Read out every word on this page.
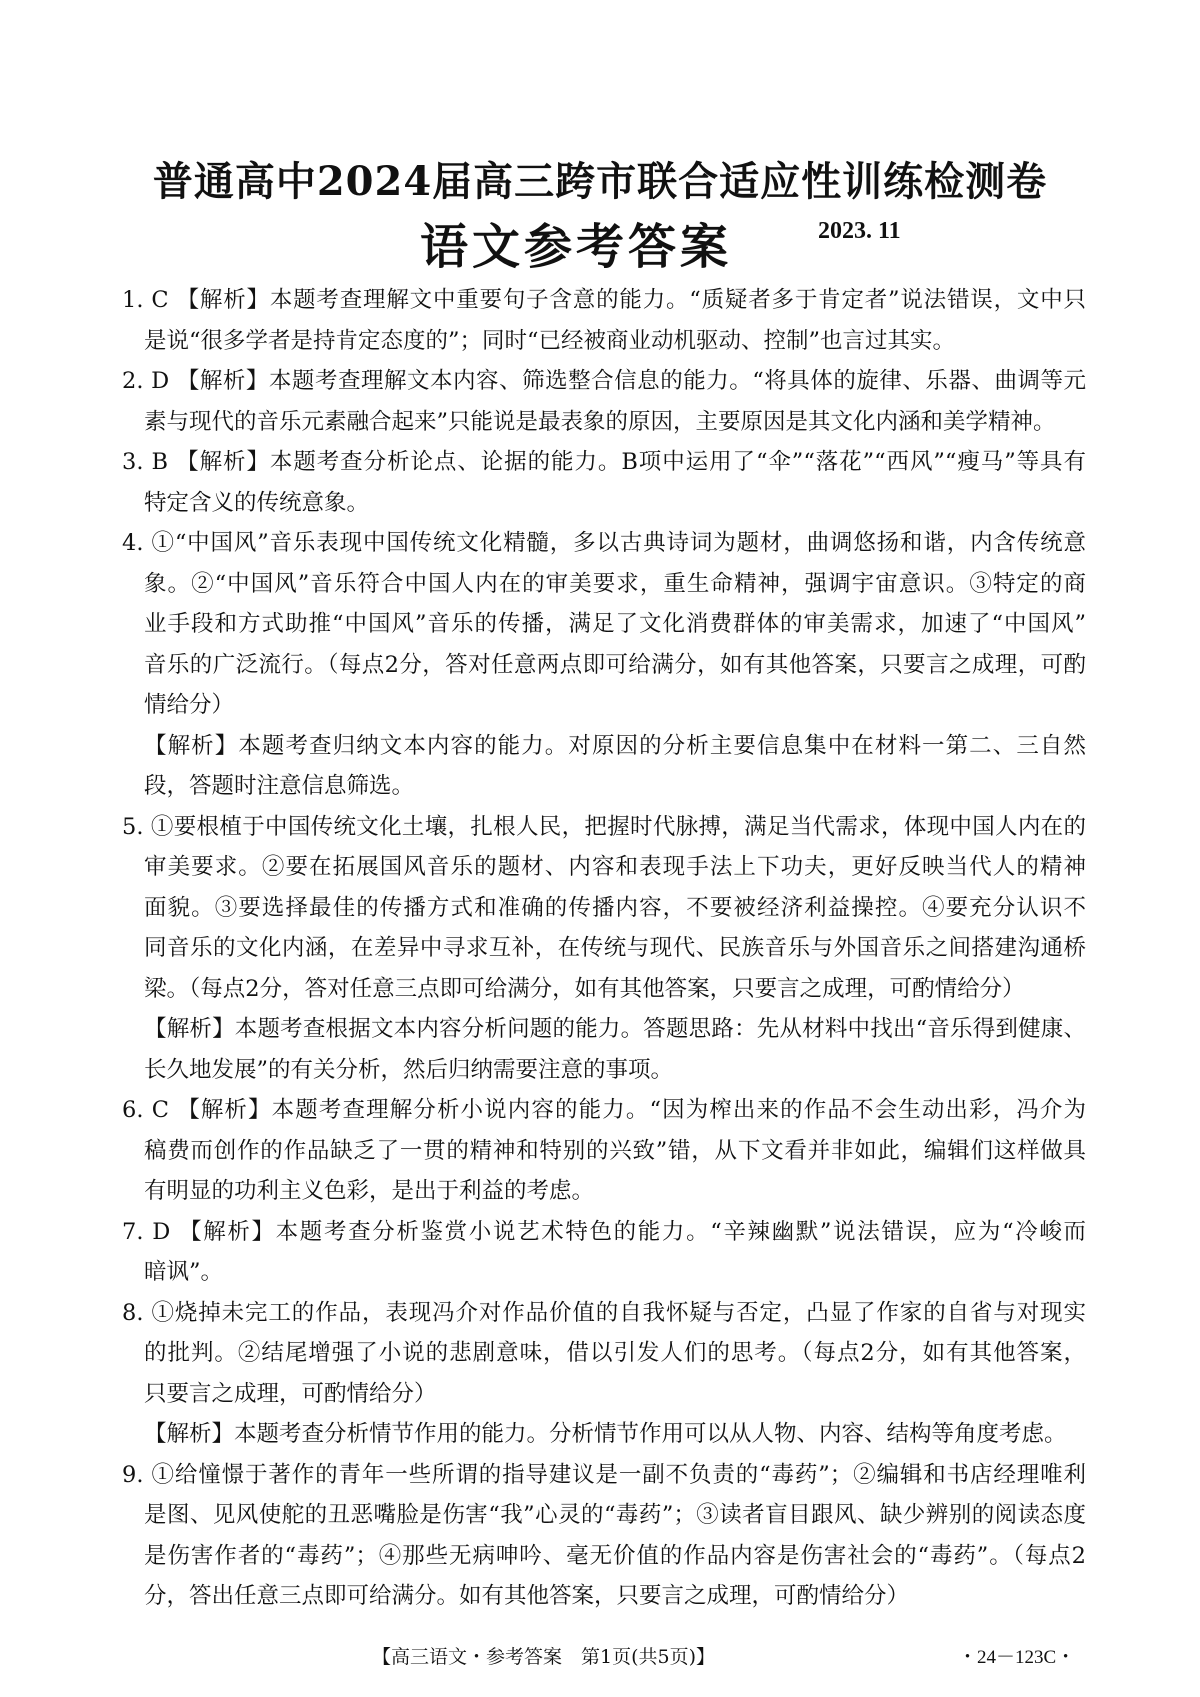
普通高中2024届高三跨市联合适应性训练检测卷
语文参考答案	2023. 11
1. C 【解析】本题考查理解文中重要句子含意的能力。“质疑者多于肯定者”说法错误，文中只
是说“很多学者是持肯定态度的”；同时“已经被商业动机驱动、控制”也言过其实。
2. D 【解析】本题考查理解文本内容、筛选整合信息的能力。“将具体的旋律、乐器、曲调等元
素与现代的音乐元素融合起来”只能说是最表象的原因，主要原因是其文化内涵和美学精神。
3. B 【解析】本题考查分析论点、论据的能力。B项中运用了“伞”“落花”“西风”“瘦马”等具有
特定含义的传统意象。
4. ①“中国风”音乐表现中国传统文化精髓，多以古典诗词为题材，曲调悠扬和谐，内含传统意
象。②“中国风”音乐符合中国人内在的审美要求，重生命精神，强调宇宙意识。③特定的商
业手段和方式助推“中国风”音乐的传播，满足了文化消费群体的审美需求，加速了“中国风”
音乐的广泛流行。（每点2分，答对任意两点即可给满分，如有其他答案，只要言之成理，可酌
情给分）
【解析】本题考查归纳文本内容的能力。对原因的分析主要信息集中在材料一第二、三自然
段，答题时注意信息筛选。
5. ①要根植于中国传统文化土壤，扎根人民，把握时代脉搏，满足当代需求，体现中国人内在的
审美要求。②要在拓展国风音乐的题材、内容和表现手法上下功夫，更好反映当代人的精神
面貌。③要选择最佳的传播方式和准确的传播内容，不要被经济利益操控。④要充分认识不
同音乐的文化内涵，在差异中寻求互补，在传统与现代、民族音乐与外国音乐之间搭建沟通桥
梁。（每点2分，答对任意三点即可给满分，如有其他答案，只要言之成理，可酌情给分）
【解析】本题考查根据文本内容分析问题的能力。答题思路：先从材料中找出“音乐得到健康、
长久地发展”的有关分析，然后归纳需要注意的事项。
6. C 【解析】本题考查理解分析小说内容的能力。“因为榨出来的作品不会生动出彩，冯介为
稿费而创作的作品缺乏了一贯的精神和特别的兴致”错，从下文看并非如此，编辑们这样做具
有明显的功利主义色彩，是出于利益的考虑。
7. D 【解析】本题考查分析鉴赏小说艺术特色的能力。“辛辣幽默”说法错误，应为“冷峻而
暗讽”。
8. ①烧掉未完工的作品，表现冯介对作品价值的自我怀疑与否定，凸显了作家的自省与对现实
的批判。②结尾增强了小说的悲剧意味，借以引发人们的思考。（每点2分，如有其他答案，
只要言之成理，可酌情给分）
【解析】本题考查分析情节作用的能力。分析情节作用可以从人物、内容、结构等角度考虑。
9. ①给憧憬于著作的青年一些所谓的指导建议是一副不负责的“毒药”；②编辑和书店经理唯利
是图、见风使舵的丑恶嘴脸是伤害“我”心灵的“毒药”；③读者盲目跟风、缺少辨别的阅读态度
是伤害作者的“毒药”；④那些无病呻吟、毫无价值的作品内容是伤害社会的“毒药”。（每点2
分，答出任意三点即可给满分。如有其他答案，只要言之成理，可酌情给分）
【高三语文・参考答案　第1页(共5页)】	・24－123C・
